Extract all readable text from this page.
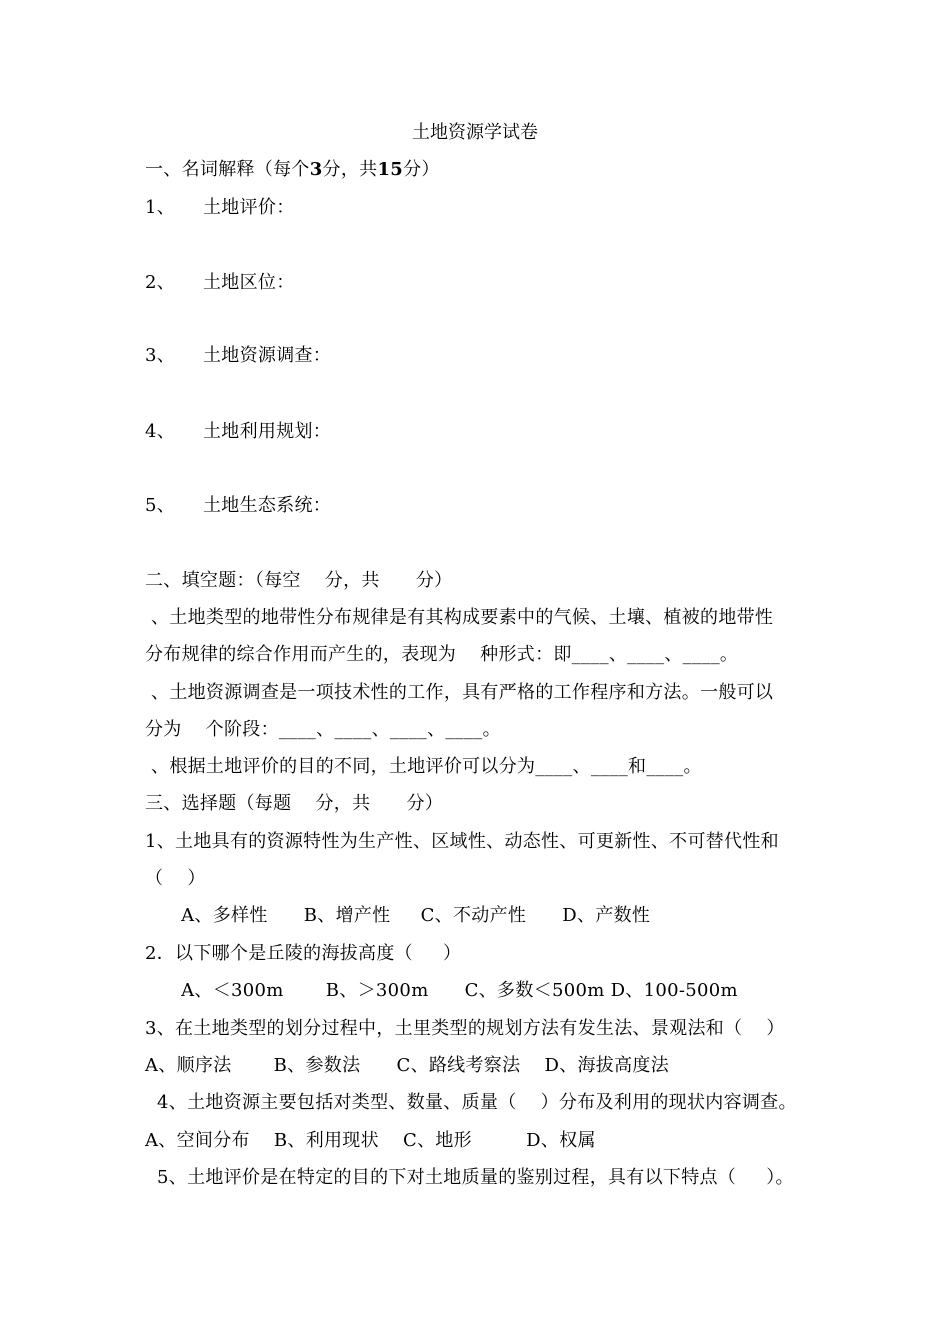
土地资源学试卷
一、名词解释（每个3分，共15分）
1、 土地评价：
2、 土地区位：
3、 土地资源调查：
4、 土地利用规划：
5、 土地生态系统：
二、填空题：（每空    分，共      分）
、土地类型的地带性分布规律是有其构成要素中的气候、土壤、植被的地带性
分布规律的综合作用而产生的，表现为    种形式：即____、____、____。
、土地资源调查是一项技术性的工作，具有严格的工作程序和方法。一般可以
分为    个阶段：____、____、____、____。
、根据土地评价的目的不同，土地评价可以分为____、____和____。
三、选择题（每题    分，共      分）
1、土地具有的资源特性为生产性、区域性、动态性、可更新性、不可替代性和
（    ）
A、多样性      B、增产性     C、不动产性      D、产数性
2．以下哪个是丘陵的海拔高度（     ）
A、＜300m       B、＞300m      C、多数＜500m D、100-500m
3、在土地类型的划分过程中，土里类型的规划方法有发生法、景观法和（    ）
A、顺序法       B、参数法      C、路线考察法    D、海拔高度法
4、土地资源主要包括对类型、数量、质量（    ）分布及利用的现状内容调查。
A、空间分布    B、利用现状    C、地形         D、权属
5、土地评价是在特定的目的下对土地质量的鉴别过程，具有以下特点（     ）。
